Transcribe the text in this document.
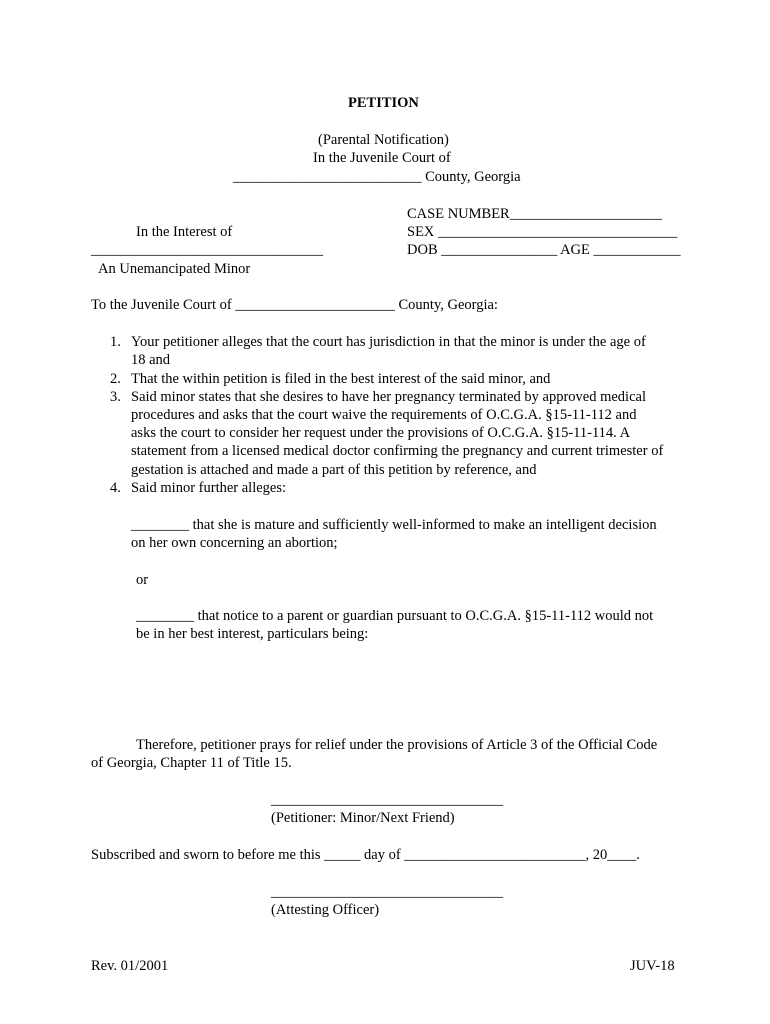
PETITION
(Parental Notification)
In the Juvenile Court of
__________________________ County, Georgia
CASE NUMBER_____________________
In the Interest of	SEX _________________________________
________________________________	DOB ________________ AGE ____________
An Unemancipated Minor
To the Juvenile Court of ______________________ County, Georgia:
1. Your petitioner alleges that the court has jurisdiction in that the minor is under the age of
18 and
2. That the within petition is filed in the best interest of the said minor, and
3. Said minor states that she desires to have her pregnancy terminated by approved medical
procedures and asks that the court waive the requirements of O.C.G.A. §15-11-112 and
asks the court to consider her request under the provisions of O.C.G.A. §15-11-114. A
statement from a licensed medical doctor confirming the pregnancy and current trimester of
gestation is attached and made a part of this petition by reference, and
4. Said minor further alleges:
________ that she is mature and sufficiently well-informed to make an intelligent decision
on her own concerning an abortion;
or
________ that notice to a parent or guardian pursuant to O.C.G.A. §15-11-112 would not
be in her best interest, particulars being:
Therefore, petitioner prays for relief under the provisions of Article 3 of the Official Code
of Georgia, Chapter 11 of Title 15.
________________________________
(Petitioner: Minor/Next Friend)
Subscribed and sworn to before me this _____ day of _________________________, 20____.
________________________________
(Attesting Officer)
Rev. 01/2001	JUV-18
